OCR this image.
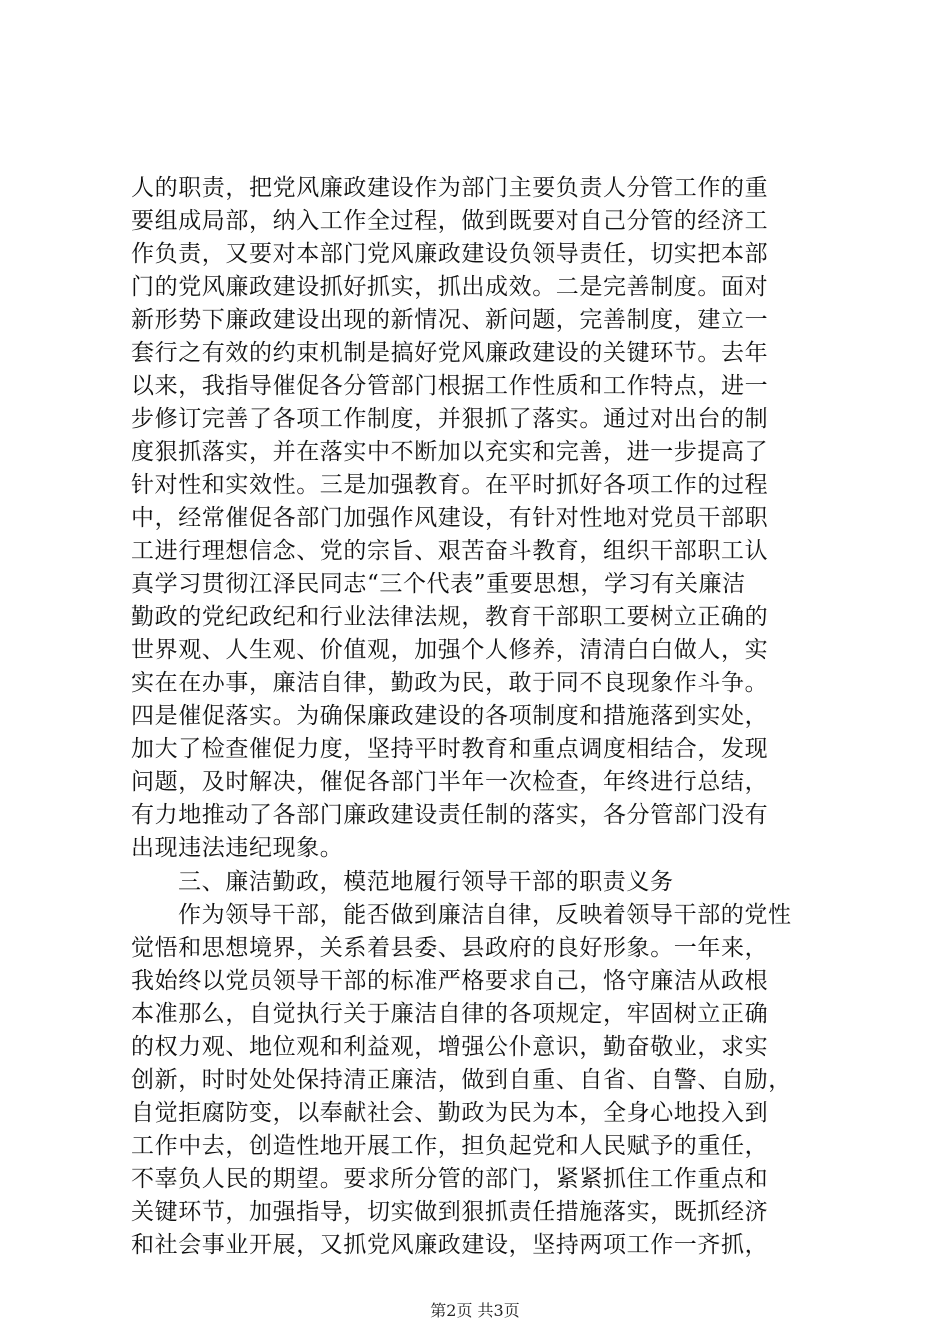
人的职责，把党风廉政建设作为部门主要负责人分管工作的重
要组成局部，纳入工作全过程，做到既要对自己分管的经济工
作负责，又要对本部门党风廉政建设负领导责任，切实把本部
门的党风廉政建设抓好抓实，抓出成效。二是完善制度。面对
新形势下廉政建设出现的新情况、新问题，完善制度，建立一
套行之有效的约束机制是搞好党风廉政建设的关键环节。去年
以来，我指导催促各分管部门根据工作性质和工作特点，进一
步修订完善了各项工作制度，并狠抓了落实。通过对出台的制
度狠抓落实，并在落实中不断加以充实和完善，进一步提高了
针对性和实效性。三是加强教育。在平时抓好各项工作的过程
中，经常催促各部门加强作风建设，有针对性地对党员干部职
工进行理想信念、党的宗旨、艰苦奋斗教育，组织干部职工认
真学习贯彻江泽民同志“三个代表”重要思想，学习有关廉洁
勤政的党纪政纪和行业法律法规，教育干部职工要树立正确的
世界观、人生观、价值观，加强个人修养，清清白白做人，实
实在在办事，廉洁自律，勤政为民，敢于同不良现象作斗争。
四是催促落实。为确保廉政建设的各项制度和措施落到实处，
加大了检查催促力度，坚持平时教育和重点调度相结合，发现
问题，及时解决，催促各部门半年一次检查，年终进行总结，
有力地推动了各部门廉政建设责任制的落实，各分管部门没有
出现违法违纪现象。
三、廉洁勤政，模范地履行领导干部的职责义务
作为领导干部，能否做到廉洁自律，反映着领导干部的党性
觉悟和思想境界，关系着县委、县政府的良好形象。一年来，
我始终以党员领导干部的标准严格要求自己，恪守廉洁从政根
本准那么，自觉执行关于廉洁自律的各项规定，牢固树立正确
的权力观、地位观和利益观，增强公仆意识，勤奋敬业，求实
创新，时时处处保持清正廉洁，做到自重、自省、自警、自励，
自觉拒腐防变，以奉献社会、勤政为民为本，全身心地投入到
工作中去，创造性地开展工作，担负起党和人民赋予的重任，
不辜负人民的期望。要求所分管的部门，紧紧抓住工作重点和
关键环节，加强指导，切实做到狠抓责任措施落实，既抓经济
和社会事业开展，又抓党风廉政建设，坚持两项工作一齐抓，
第2页 共3页
